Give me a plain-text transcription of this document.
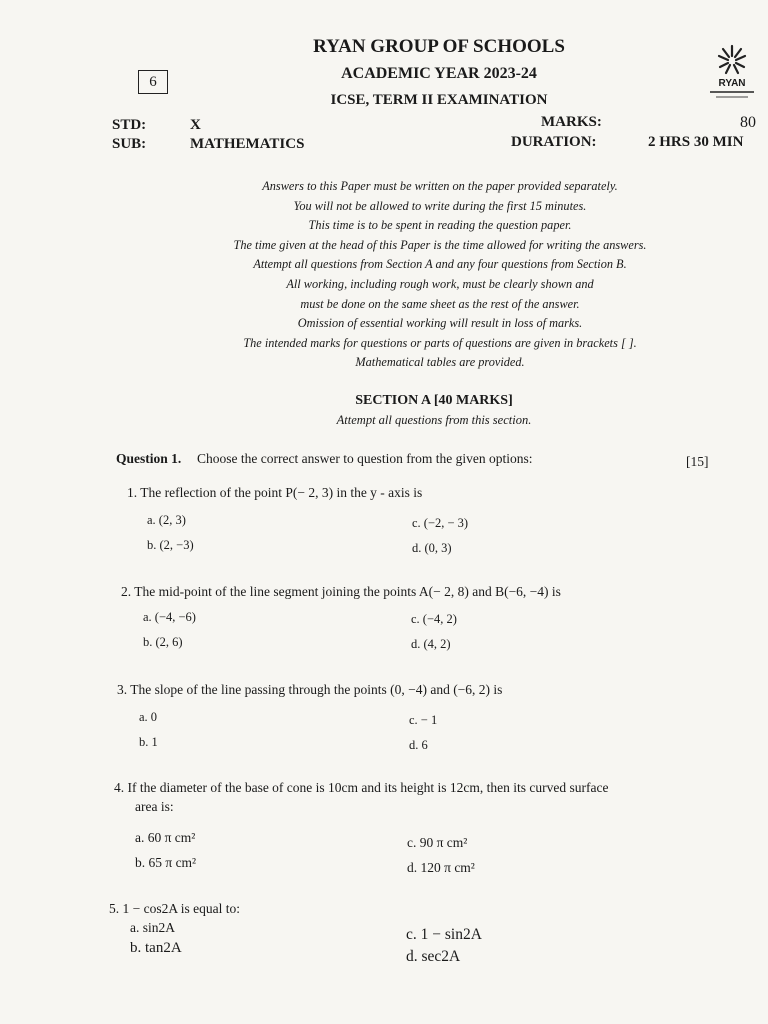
6
RYAN GROUP OF SCHOOLS
ACADEMIC YEAR 2023-24
ICSE, TERM II EXAMINATION
RYAN
STD:	X	MARKS:	80
SUB:	MATHEMATICS	DURATION:	2 HRS 30 MIN
Answers to this Paper must be written on the paper provided separately.
You will not be allowed to write during the first 15 minutes.
This time is to be spent in reading the question paper.
The time given at the head of this Paper is the time allowed for writing the answers.
Attempt all questions from Section A and any four questions from Section B.
All working, including rough work, must be clearly shown and
must be done on the same sheet as the rest of the answer.
Omission of essential working will result in loss of marks.
The intended marks for questions or parts of questions are given in brackets [ ].
Mathematical tables are provided.
SECTION A [40 MARKS]
Attempt all questions from this section.
Question 1. Choose the correct answer to question from the given options:	[15]
1. The reflection of the point P(− 2, 3) in the y - axis is
a. (2, 3)
b. (2, −3)
c. (−2, − 3)
d. (0, 3)
2. The mid-point of the line segment joining the points A(− 2, 8) and B(−6, −4) is
a. (−4, −6)
b. (2, 6)
c. (−4, 2)
d. (4, 2)
3. The slope of the line passing through the points (0, −4) and (−6, 2) is
a. 0
b. 1
c. − 1
d. 6
4. If the diameter of the base of cone is 10cm and its height is 12cm, then its curved surface
area is:
a. 60 π cm²
b. 65 π cm²
c. 90 π cm²
d. 120 π cm²
5. 1 − cos2A is equal to:
a. sin2A
b. tan2A
c. 1 − sin2A
d. sec2A
